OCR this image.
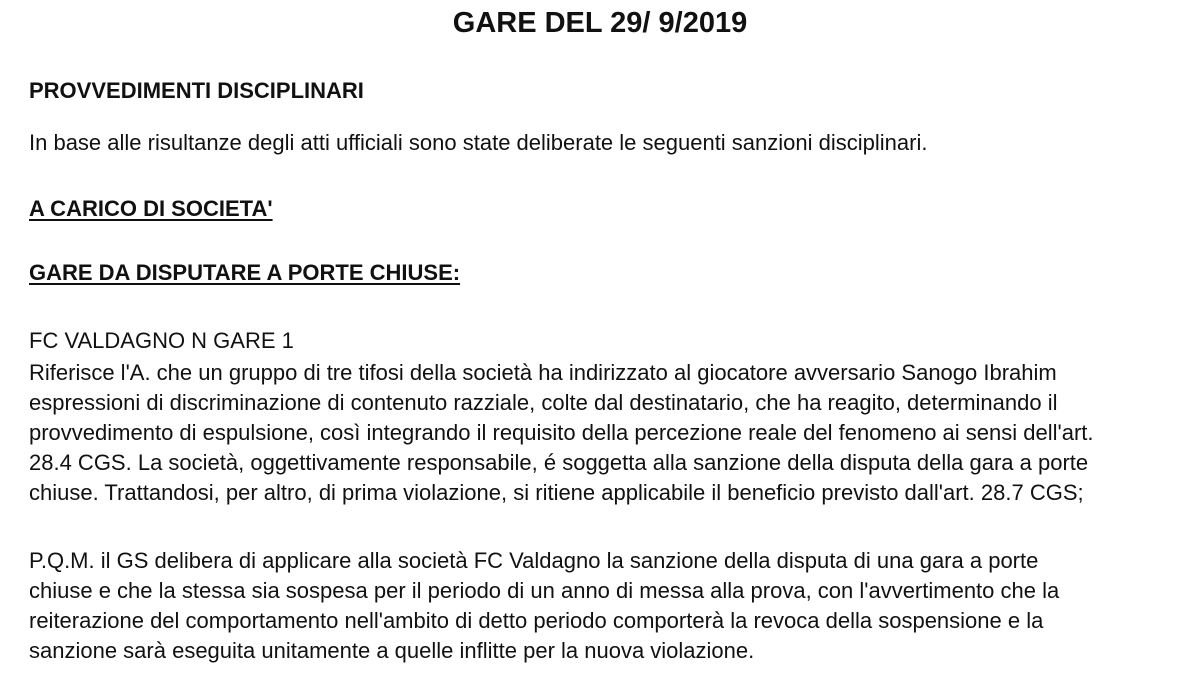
GARE DEL 29/ 9/2019
PROVVEDIMENTI DISCIPLINARI
In base alle risultanze degli atti ufficiali sono state deliberate le seguenti sanzioni disciplinari.
A CARICO DI SOCIETA'
GARE DA DISPUTARE A PORTE CHIUSE:
FC VALDAGNO N GARE 1
Riferisce l'A. che un gruppo di tre tifosi della società ha indirizzato al giocatore avversario Sanogo Ibrahim
espressioni di discriminazione di contenuto razziale, colte dal destinatario, che ha reagito, determinando il
provvedimento di espulsione, così integrando il requisito della percezione reale del fenomeno ai sensi dell'art.
28.4 CGS. La società, oggettivamente responsabile, é soggetta alla sanzione della disputa della gara a porte
chiuse. Trattandosi, per altro, di prima violazione, si ritiene applicabile il beneficio previsto dall'art. 28.7 CGS;
P.Q.M. il GS delibera di applicare alla società FC Valdagno la sanzione della disputa di una gara a porte
chiuse e che la stessa sia sospesa per il periodo di un anno di messa alla prova, con l'avvertimento che la
reiterazione del comportamento nell'ambito di detto periodo comporterà la revoca della sospensione e la
sanzione sarà eseguita unitamente a quelle inflitte per la nuova violazione.
